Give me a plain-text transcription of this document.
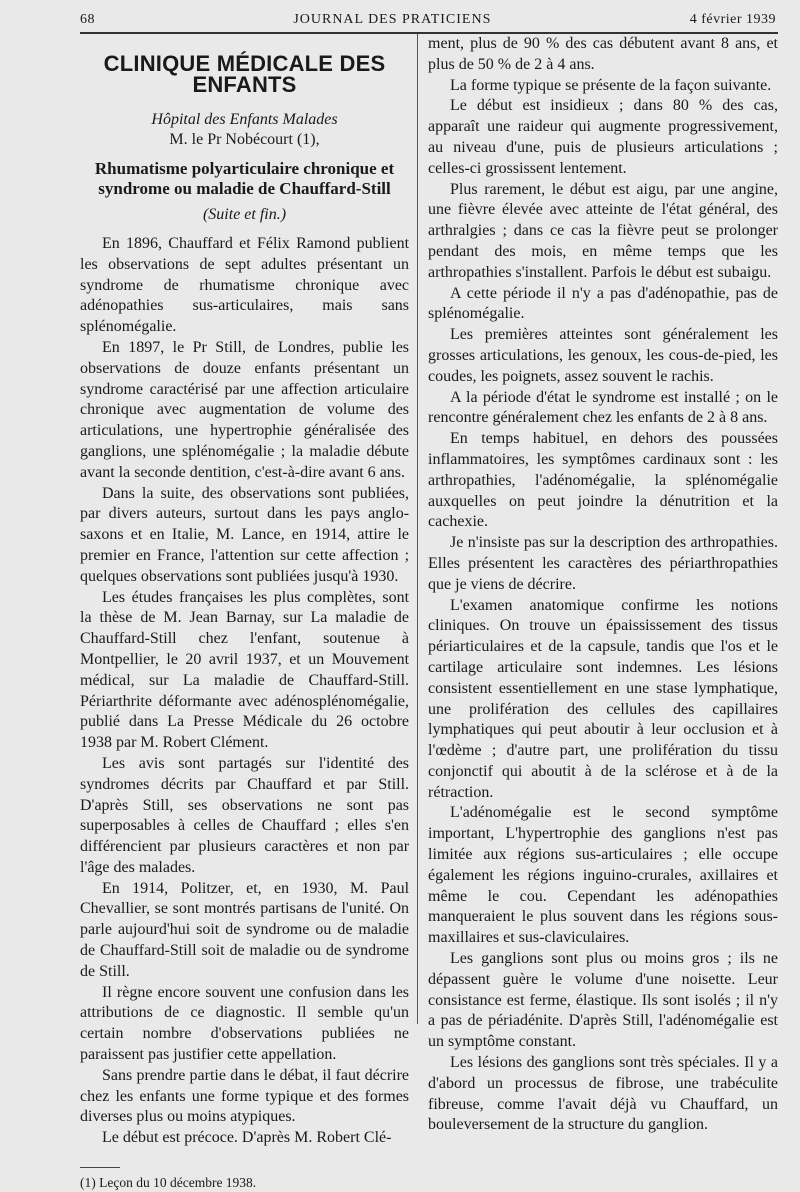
68	JOURNAL DES PRATICIENS	4 février 1939
CLINIQUE MÉDICALE DES ENFANTS
Hôpital des Enfants Malades
M. le Pr Nobécourt (1),
Rhumatisme polyarticulaire chronique et syndrome ou maladie de Chauffard-Still
(Suite et fin.)

En 1896, Chauffard et Félix Ramond publient les observations de sept adultes présentant un syndrome de rhumatisme chronique avec adénopathies sus-articulaires, mais sans splénomégalie.

En 1897, le Pr Still, de Londres, publie les observations de douze enfants présentant un syndrome caractérisé par une affection articulaire chronique avec augmentation de volume des articulations, une hypertrophie généralisée des ganglions, une splénomégalie ; la maladie débute avant la seconde dentition, c'est-à-dire avant 6 ans.

Dans la suite, des observations sont publiées, par divers auteurs, surtout dans les pays anglo-saxons et en Italie, M. Lance, en 1914, attire le premier en France, l'attention sur cette affection ; quelques observations sont publiées jusqu'à 1930.

Les études françaises les plus complètes, sont la thèse de M. Jean Barnay, sur La maladie de Chauffard-Still chez l'enfant, soutenue à Montpellier, le 20 avril 1937, et un Mouvement médical, sur La maladie de Chauffard-Still. Périarthrite déformante avec adénosplénomégalie, publié dans La Presse Médicale du 26 octobre 1938 par M. Robert Clément.

Les avis sont partagés sur l'identité des syndromes décrits par Chauffard et par Still. D'après Still, ses observations ne sont pas superposables à celles de Chauffard ; elles s'en différencient par plusieurs caractères et non par l'âge des malades.

En 1914, Politzer, et, en 1930, M. Paul Chevallier, se sont montrés partisans de l'unité. On parle aujourd'hui soit de syndrome ou de maladie de Chauffard-Still soit de maladie ou de syndrome de Still.

Il règne encore souvent une confusion dans les attributions de ce diagnostic. Il semble qu'un certain nombre d'observations publiées ne paraissent pas justifier cette appellation.

Sans prendre partie dans le débat, il faut décrire chez les enfants une forme typique et des formes diverses plus ou moins atypiques.

Le début est précoce. D'après M. Robert Clé-

(1) Leçon du 10 décembre 1938.

ment, plus de 90 % des cas débutent avant 8 ans, et plus de 50 % de 2 à 4 ans.

La forme typique se présente de la façon suivante.

Le début est insidieux ; dans 80 % des cas, apparaît une raideur qui augmente progressivement, au niveau d'une, puis de plusieurs articulations ; celles-ci grossissent lentement.

Plus rarement, le début est aigu, par une angine, une fièvre élevée avec atteinte de l'état général, des arthralgies ; dans ce cas la fièvre peut se prolonger pendant des mois, en même temps que les arthropathies s'installent. Parfois le début est subaigu.

A cette période il n'y a pas d'adénopathie, pas de splénomégalie.

Les premières atteintes sont généralement les grosses articulations, les genoux, les cous-de-pied, les coudes, les poignets, assez souvent le rachis.

A la période d'état le syndrome est installé ; on le rencontre généralement chez les enfants de 2 à 8 ans.

En temps habituel, en dehors des poussées inflammatoires, les symptômes cardinaux sont : les arthropathies, l'adénomégalie, la splénomégalie auxquelles on peut joindre la dénutrition et la cachexie.

Je n'insiste pas sur la description des arthropathies. Elles présentent les caractères des périarthropathies que je viens de décrire.

L'examen anatomique confirme les notions cliniques. On trouve un épaississement des tissus périarticulaires et de la capsule, tandis que l'os et le cartilage articulaire sont indemnes. Les lésions consistent essentiellement en une stase lymphatique, une prolifération des cellules des capillaires lymphatiques qui peut aboutir à leur occlusion et à l'œdème ; d'autre part, une prolifération du tissu conjonctif qui aboutit à de la sclérose et à de la rétraction.

L'adénomégalie est le second symptôme important, L'hypertrophie des ganglions n'est pas limitée aux régions sus-articulaires ; elle occupe également les régions inguino-crurales, axillaires et même le cou. Cependant les adénopathies manqueraient le plus souvent dans les régions sous-maxillaires et sus-claviculaires.

Les ganglions sont plus ou moins gros ; ils ne dépassent guère le volume d'une noisette. Leur consistance est ferme, élastique. Ils sont isolés ; il n'y a pas de périadénite. D'après Still, l'adénomégalie est un symptôme constant.

Les lésions des ganglions sont très spéciales. Il y a d'abord un processus de fibrose, une trabéculite fibreuse, comme l'avait déjà vu Chauffard, un bouleversement de la structure du ganglion.
